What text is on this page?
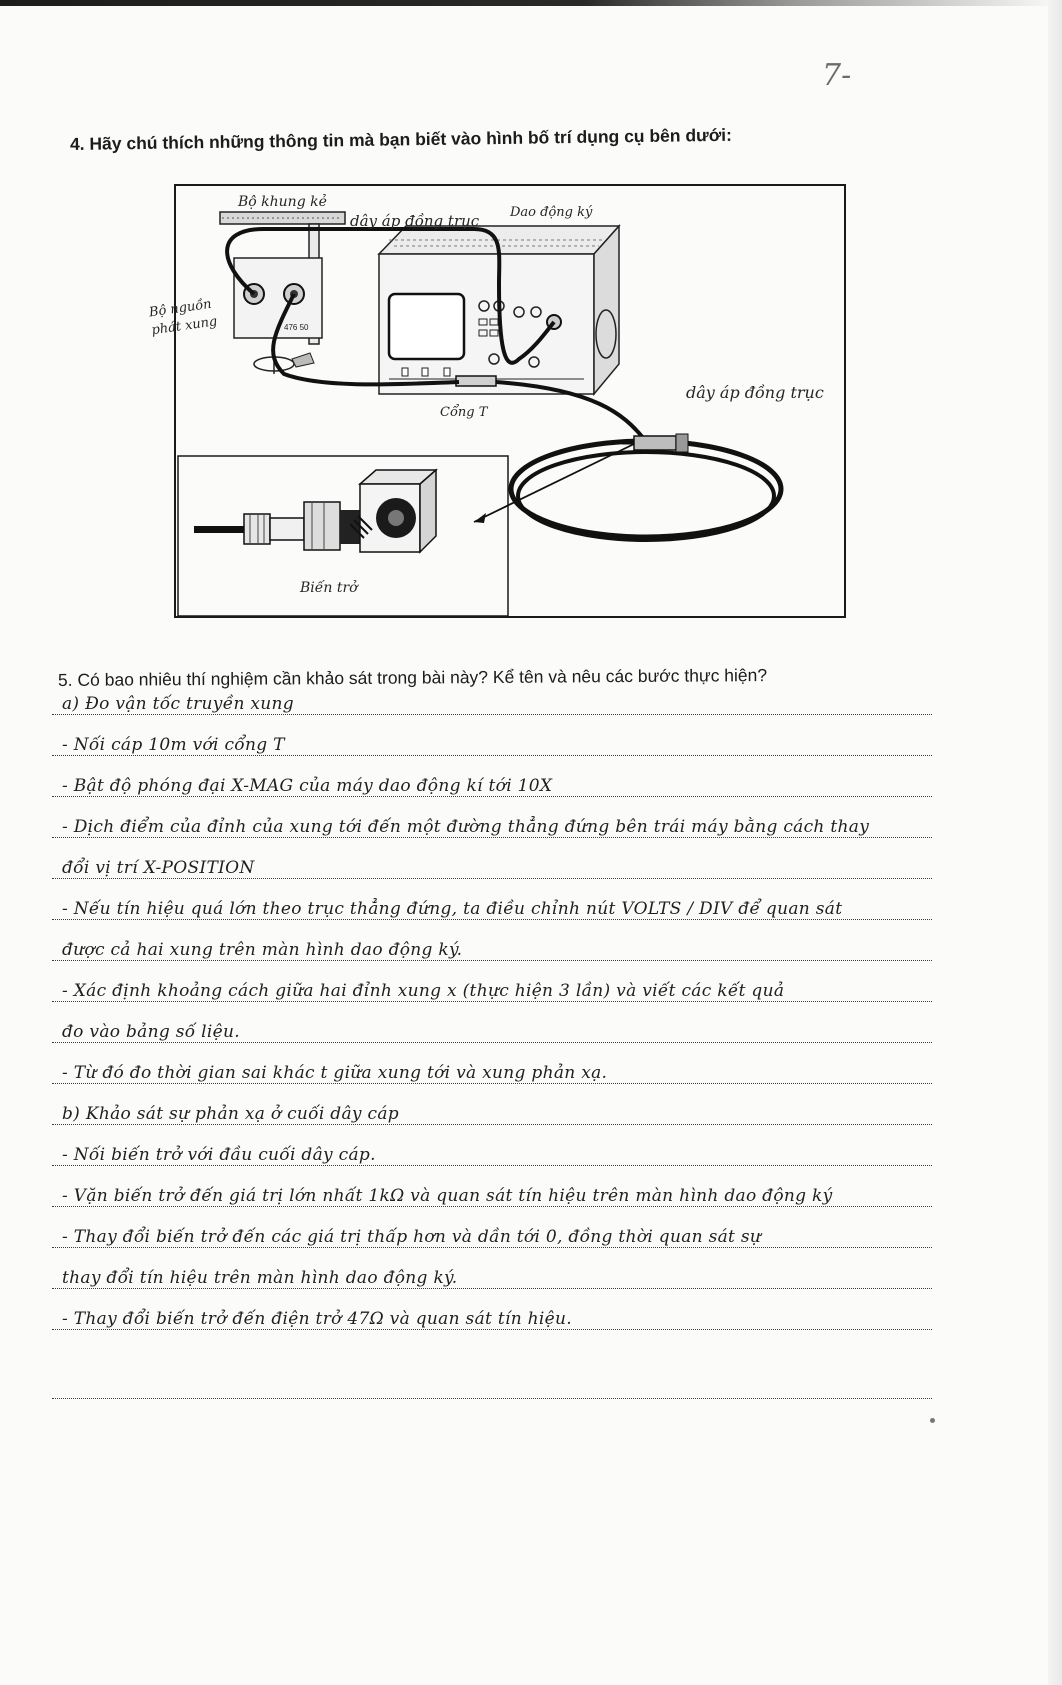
7-
4. Hãy chú thích những thông tin mà bạn biết vào hình bố trí dụng cụ bên dưới:
476 50
Bộ khung kẻ
dây áp đồng trục Dao động ký
Cổng T
dây áp đồng trục
Biến trở
Bộ nguồn phát xung
5. Có bao nhiêu thí nghiệm cần khảo sát trong bài này? Kể tên và nêu các bước thực hiện?
a) Đo vận tốc truyền xung
- Nối cáp 10m với cổng T
- Bật độ phóng đại X-MAG của máy dao động kí tới 10X
- Dịch điểm của đỉnh của xung tới đến một đường thẳng đứng bên trái máy bằng cách thay
đổi vị trí X-POSITION
- Nếu tín hiệu quá lớn theo trục thẳng đứng, ta điều chỉnh nút VOLTS / DIV để quan sát
được cả hai xung trên màn hình dao động ký.
- Xác định khoảng cách giữa hai đỉnh xung x (thực hiện 3 lần) và viết các kết quả
đo vào bảng số liệu.
- Từ đó đo thời gian sai khác t giữa xung tới và xung phản xạ.
b) Khảo sát sự phản xạ ở cuối dây cáp
- Nối biến trở với đầu cuối dây cáp.
- Vặn biến trở đến giá trị lớn nhất 1kΩ và quan sát tín hiệu trên màn hình dao động ký
- Thay đổi biến trở đến các giá trị thấp hơn và dần tới 0, đồng thời quan sát sự
thay đổi tín hiệu trên màn hình dao động ký.
- Thay đổi biến trở đến điện trở 47Ω và quan sát tín hiệu.
